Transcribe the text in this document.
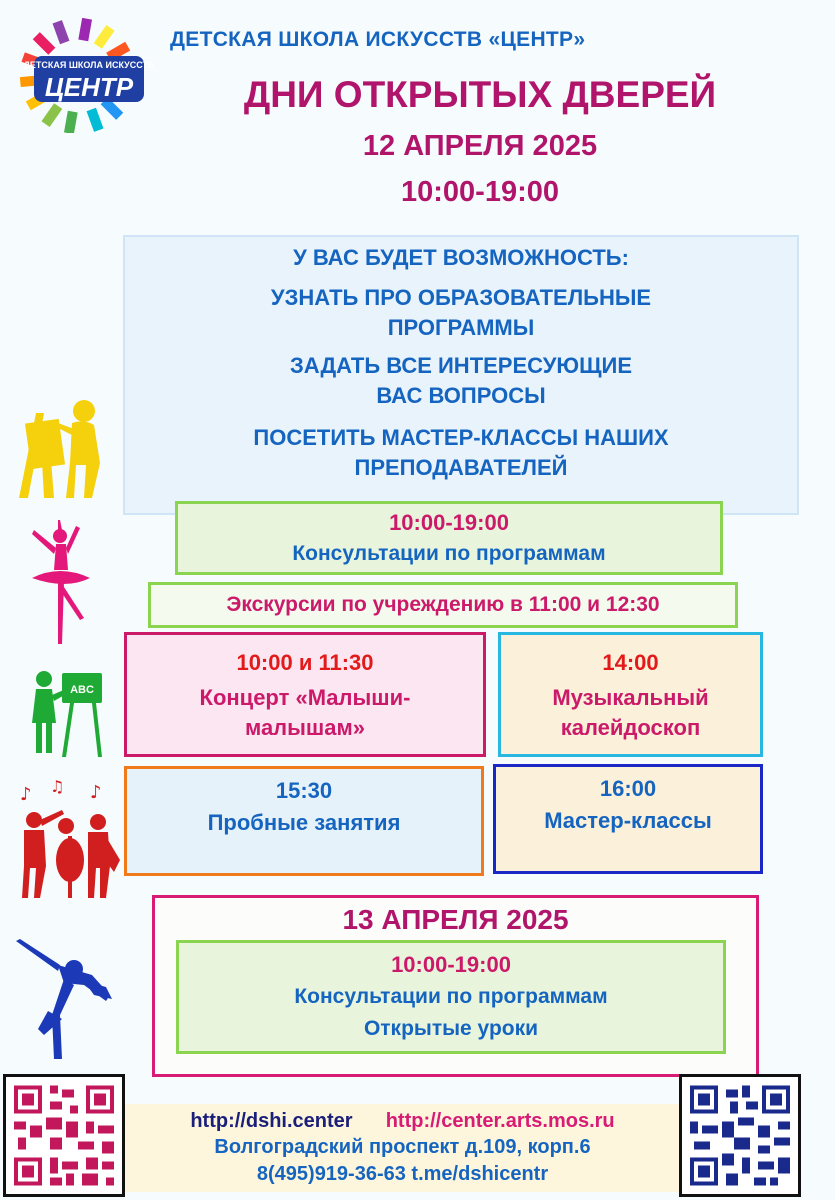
ДЕТСКАЯ ШКОЛА ИСКУССТВ
ЦЕНТР
ДЕТСКАЯ ШКОЛА ИСКУССТВ «ЦЕНТР»
ДНИ ОТКРЫТЫХ ДВЕРЕЙ
12 АПРЕЛЯ 2025
10:00-19:00
У ВАС БУДЕТ ВОЗМОЖНОСТЬ:
УЗНАТЬ ПРО ОБРАЗОВАТЕЛЬНЫЕ
ПРОГРАММЫ
ЗАДАТЬ ВСЕ ИНТЕРЕСУЮЩИЕ
ВАС ВОПРОСЫ
ПОСЕТИТЬ МАСТЕР-КЛАССЫ НАШИХ
ПРЕПОДАВАТЕЛЕЙ
ABC
♪ ♫ ♪
10:00-19:00
Консультации по программам
Экскурсии по учреждению в 11:00 и 12:30
10:00 и 11:30
Концерт «Малыши-
малышам»
14:00
Музыкальный
калейдоскоп
15:30
Пробные занятия
16:00
Мастер-классы
13 АПРЕЛЯ 2025
10:00-19:00
Консультации по программам
Открытые уроки
http://dshi.center http://center.arts.mos.ru
Волгоградский проспект д.109, корп.6
8(495)919-36-63 t.me/dshicentr
